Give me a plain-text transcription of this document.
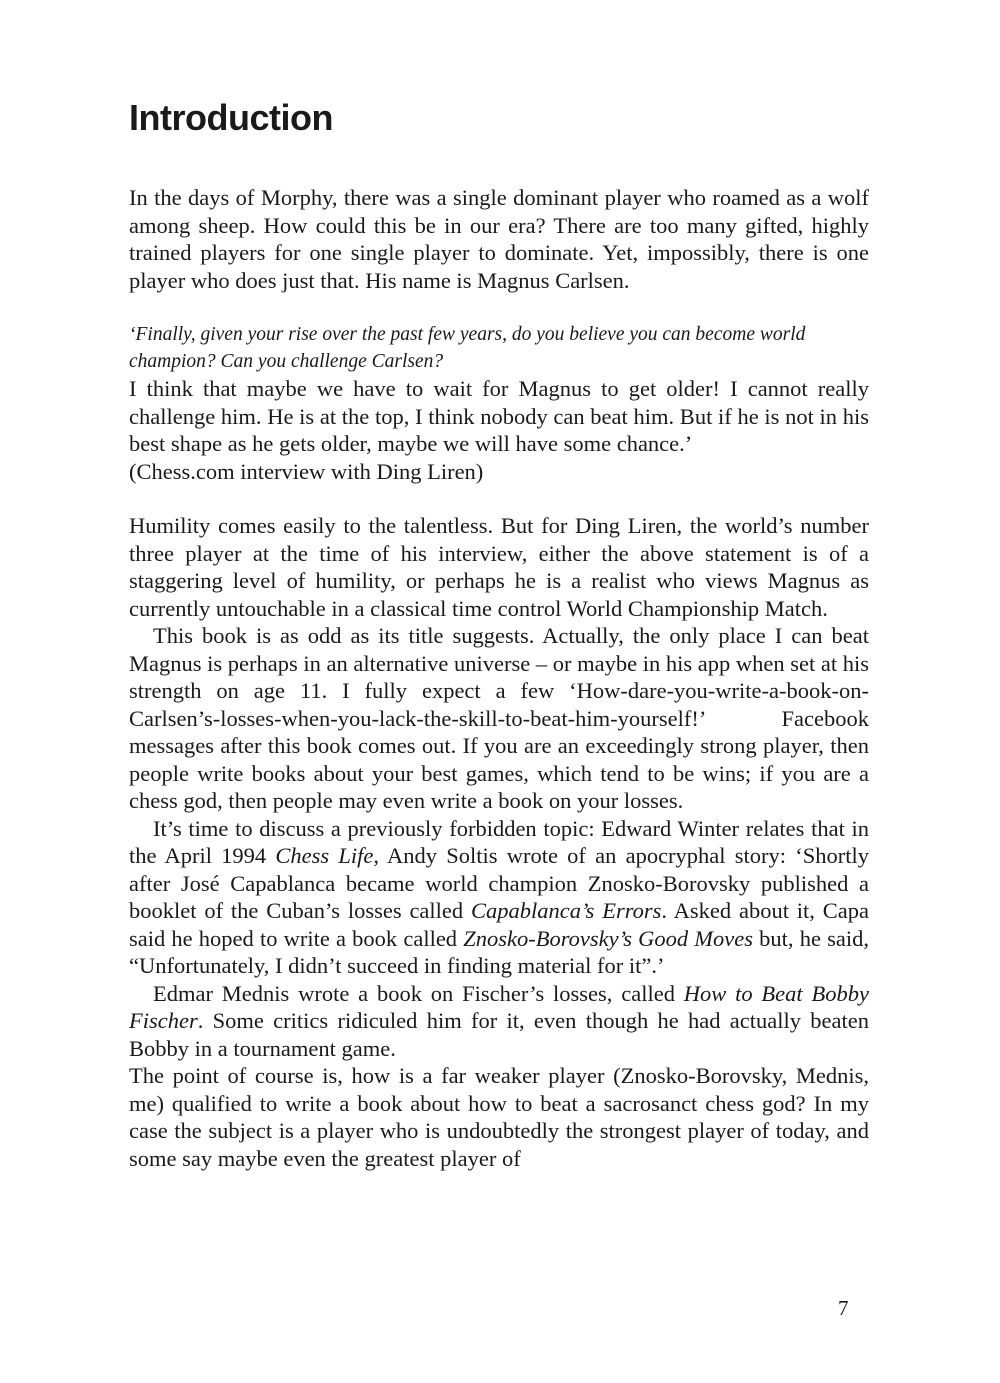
Introduction

In the days of Morphy, there was a single dominant player who roamed as a wolf among sheep. How could this be in our era? There are too many gifted, highly trained players for one single player to dominate. Yet, impossibly, there is one player who does just that. His name is Magnus Carlsen.

‘Finally, given your rise over the past few years, do you believe you can become world champion? Can you challenge Carlsen?

I think that maybe we have to wait for Magnus to get older! I cannot really challenge him. He is at the top, I think nobody can beat him. But if he is not in his best shape as he gets older, maybe we will have some chance.’

(Chess.com interview with Ding Liren)

Humility comes easily to the talentless. But for Ding Liren, the world’s number three player at the time of his interview, either the above statement is of a staggering level of humility, or perhaps he is a realist who views Magnus as currently untouchable in a classical time control World Championship Match.

This book is as odd as its title suggests. Actually, the only place I can beat Magnus is perhaps in an alternative universe – or maybe in his app when set at his strength on age 11. I fully expect a few ‘How-dare-you-write-a-book-on-Carlsen’s-losses-when-you-lack-the-skill-to-beat-him-yourself!’ Facebook messages after this book comes out. If you are an exceedingly strong player, then people write books about your best games, which tend to be wins; if you are a chess god, then people may even write a book on your losses.

It’s time to discuss a previously forbidden topic: Edward Winter relates that in the April 1994 Chess Life, Andy Soltis wrote of an apocryphal story: ‘Shortly after José Capablanca became world champion Znosko-Borovsky published a booklet of the Cuban’s losses called Capablanca’s Errors. Asked about it, Capa said he hoped to write a book called Znosko-Borovsky’s Good Moves but, he said, “Unfortunately, I didn’t succeed in finding material for it”.’

Edmar Mednis wrote a book on Fischer’s losses, called How to Beat Bobby Fischer. Some critics ridiculed him for it, even though he had actually beaten Bobby in a tournament game.

The point of course is, how is a far weaker player (Znosko-Borovsky, Mednis, me) qualified to write a book about how to beat a sacrosanct chess god? In my case the subject is a player who is undoubtedly the strongest player of today, and some say maybe even the greatest player of

7
